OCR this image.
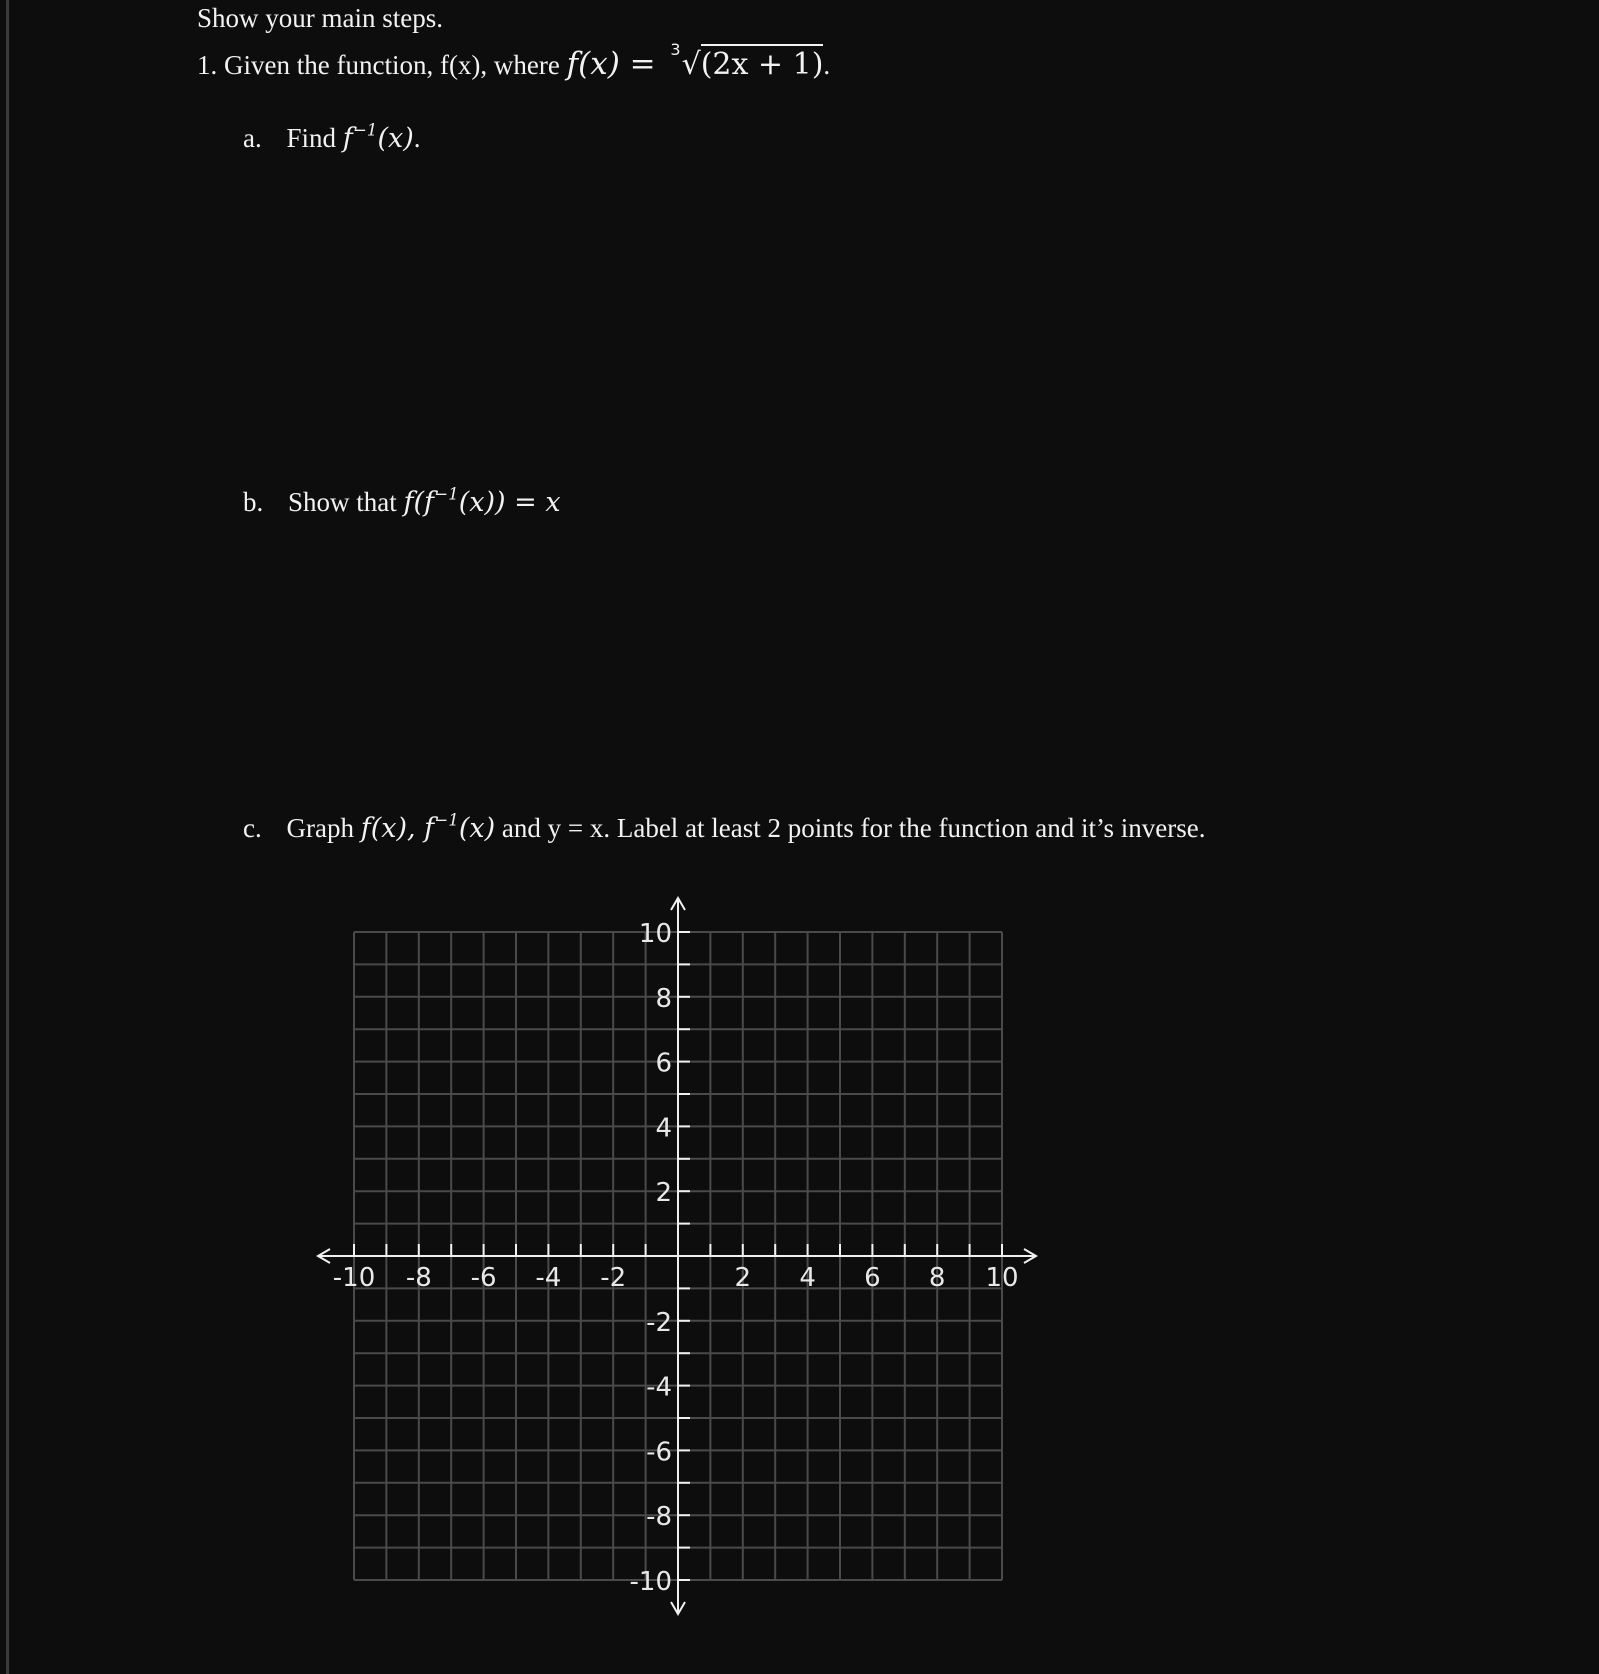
Show your main steps.
1. Given the function, f(x), where f(x) = 3√(2x + 1).
a. Find $f^{-1}(x)$.
b. Show that $f(f^{-1}(x)) = x$
c. Graph f(x), $f^{-1}(x)$ and y = x. Label at least 2 points for the function and it’s inverse.
-10 -8 -6 -4 -2	2 4 6 8 10
10
8
6
4
2
-2
-4
-6
-8
-10
